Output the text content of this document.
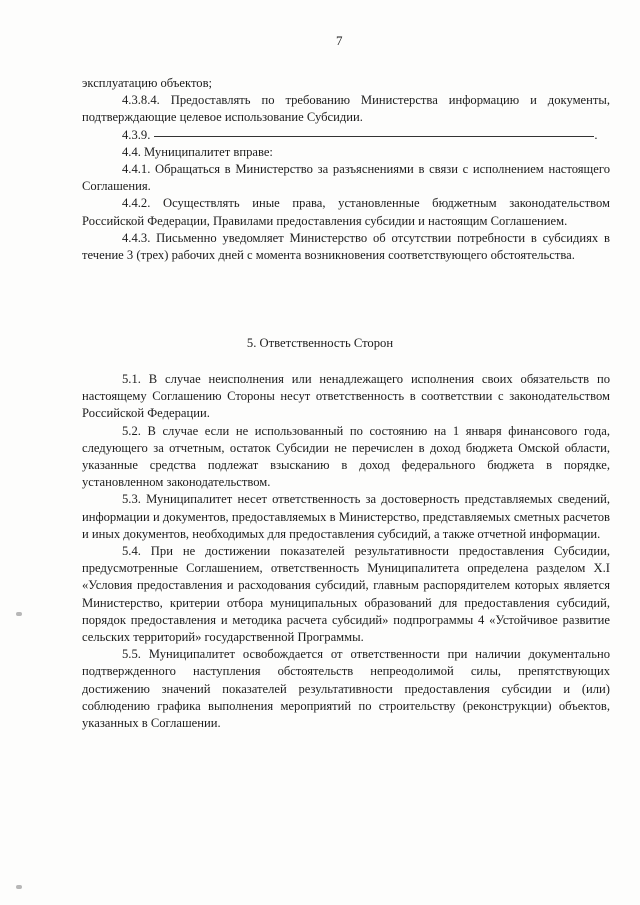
7

эксплуатацию объектов;

4.3.8.4. Предоставлять по требованию Министерства информацию и документы, подтверждающие целевое использование Субсидии.

4.3.9.	.

4.4. Муниципалитет вправе:

4.4.1. Обращаться в Министерство за разъяснениями в связи с исполнением настоящего Соглашения.

4.4.2. Осуществлять иные права, установленные бюджетным законодательством Российской Федерации, Правилами предоставления субсидии и настоящим Соглашением.

4.4.3. Письменно уведомляет Министерство об отсутствии потребности в субсидиях в течение 3 (трех) рабочих дней с момента возникновения соответствующего обстоятельства.

5. Ответственность Сторон

5.1. В случае неисполнения или ненадлежащего исполнения своих обязательств по настоящему Соглашению Стороны несут ответственность в соответствии с законодательством Российской Федерации.

5.2. В случае если не использованный по состоянию на 1 января финансового года, следующего за отчетным, остаток Субсидии не перечислен в доход бюджета Омской области, указанные средства подлежат взысканию в доход федерального бюджета в порядке, установленном законодательством.

5.3. Муниципалитет несет ответственность за достоверность представляемых сведений, информации и документов, предоставляемых в Министерство, представляемых сметных расчетов и иных документов, необходимых для предоставления субсидий, а также отчетной информации.

5.4. При не достижении показателей результативности предоставления Субсидии, предусмотренные Соглашением, ответственность Муниципалитета определена разделом X.I «Условия предоставления и расходования субсидий, главным распорядителем которых является Министерство, критерии отбора муниципальных образований для предоставления субсидий, порядок предоставления и методика расчета субсидий» подпрограммы 4 «Устойчивое развитие сельских территорий» государственной Программы.

5.5. Муниципалитет освобождается от ответственности при наличии документально подтвержденного наступления обстоятельств непреодолимой силы, препятствующих достижению значений показателей результативности предоставления субсидии и (или) соблюдению графика выполнения мероприятий по строительству (реконструкции) объектов, указанных в Соглашении.
